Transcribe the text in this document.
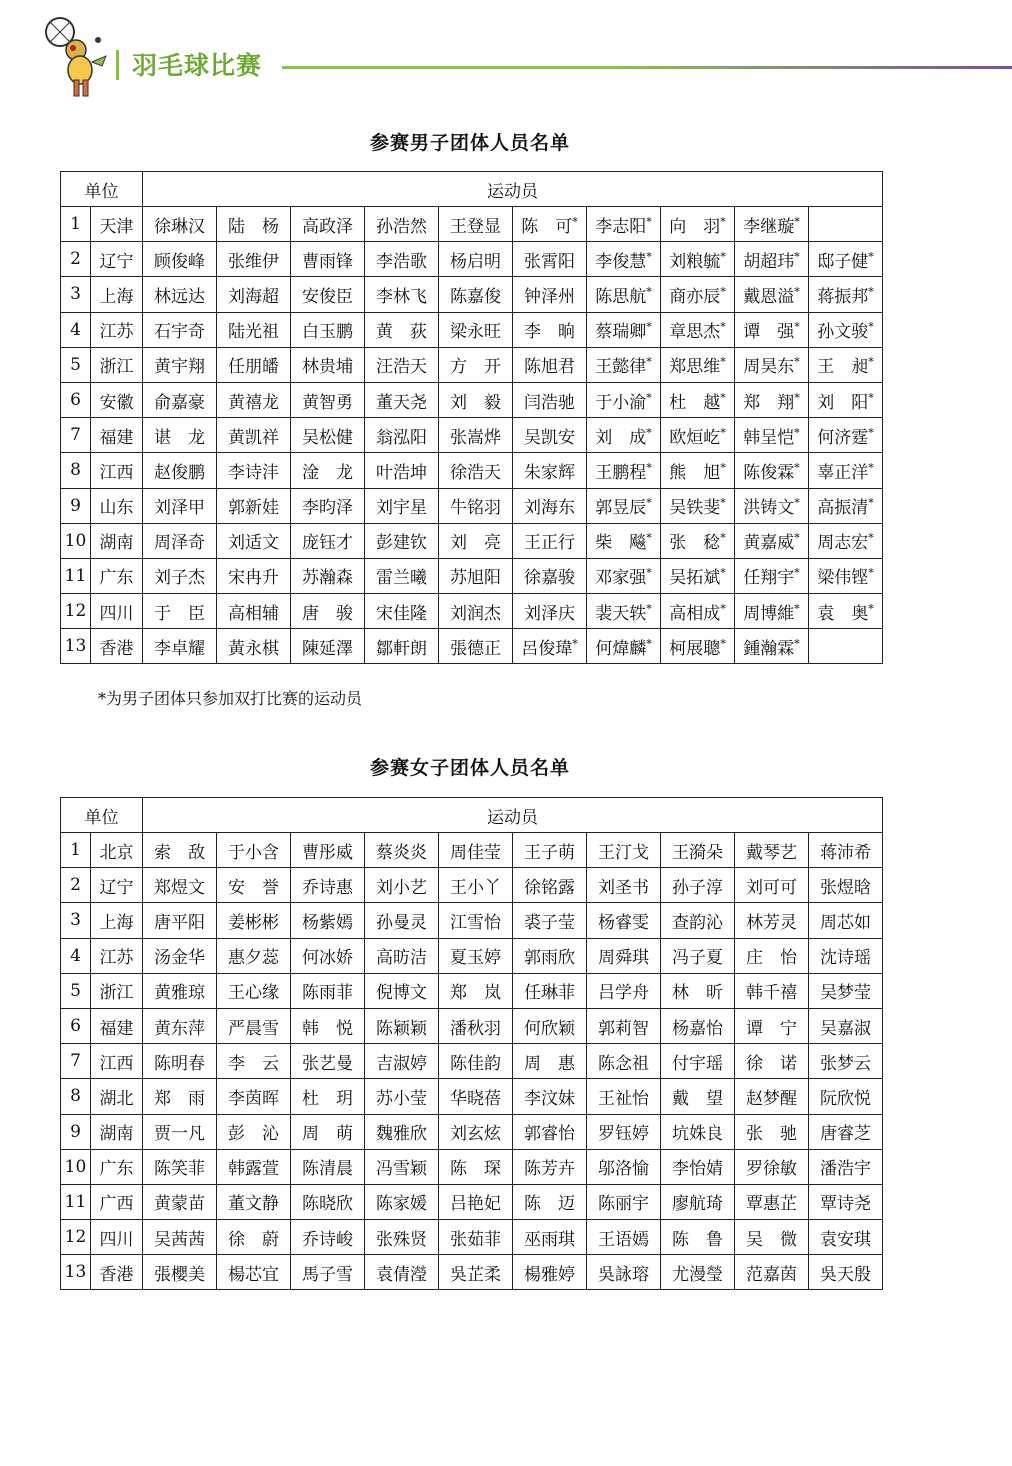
羽毛球比赛
参赛男子团体人员名单
单位		运动员									
1	天津	徐琳汉	陆　杨	高政泽	孙浩然	王登显	陈　可*	李志阳*	向　羽*	李继璇*	
2	辽宁	顾俊峰	张维伊	曹雨锋	李浩歌	杨启明	张霄阳	李俊慧*	刘粮毓*	胡超玮*	邸子健*
3	上海	林远达	刘海超	安俊臣	李林飞	陈嘉俊	钟泽州	陈思航*	商亦辰*	戴恩溢*	蒋振邦*
4	江苏	石宇奇	陆光祖	白玉鹏	黄　荻	梁永旺	李　晌	蔡瑞卿*	章思杰*	谭　强*	孙文骏*
5	浙江	黄宇翔	任朋皤	林贵埔	汪浩天	方　开	陈旭君	王懿律*	郑思维*	周昊东*	王　昶*
6	安徽	俞嘉豪	黄禧龙	黄智勇	董天尧	刘　毅	闫浩驰	于小渝*	杜　越*	郑　翔*	刘　阳*
7	福建	谌　龙	黄凯祥	吴松健	翁泓阳	张嵩烨	吴凯安	刘　成*	欧烜屹*	韩呈恺*	何济霆*
8	江西	赵俊鹏	李诗沣	淦　龙	叶浩坤	徐浩天	朱家辉	王鹏程*	熊　旭*	陈俊霖*	辜正洋*
9	山东	刘泽甲	郭新娃	李昀泽	刘宇星	牛铭羽	刘海东	郭昱辰*	吴铁斐*	洪铸文*	高振清*
10	湖南	周泽奇	刘适文	庞钰才	彭建钦	刘　亮	王正行	柴　飚*	张　稔*	黄嘉威*	周志宏*
11	广东	刘子杰	宋冉升	苏瀚森	雷兰曦	苏旭阳	徐嘉骏	邓家强*	吴拓斌*	任翔宇*	梁伟铿*
12	四川	于　臣	高相辅	唐　骏	宋佳隆	刘润杰	刘泽庆	裴天轶*	高相成*	周博維*	袁　奥*
13	香港	李卓耀	黃永棋	陳延澤	鄒軒朗	張德正	呂俊瑋*	何煒麟*	柯展聰*	鍾瀚霖*	
*为男子团体只参加双打比赛的运动员
参赛女子团体人员名单
单位		运动员									
1	北京	索　敌	于小含	曹彤威	蔡炎炎	周佳莹	王子萌	王汀戈	王漪朵	戴琴艺	蒋沛希
2	辽宁	郑煜文	安　誉	乔诗惠	刘小艺	王小丫	徐铭露	刘圣书	孙子淳	刘可可	张煜晗
3	上海	唐平阳	姜彬彬	杨紫嫣	孙曼灵	江雪怡	裘子莹	杨睿雯	查韵沁	林芳灵	周芯如
4	江苏	汤金华	惠夕蕊	何冰娇	高昉洁	夏玉婷	郭雨欣	周舜琪	冯子夏	庄　怡	沈诗瑶
5	浙江	黄雅琼	王心缘	陈雨菲	倪博文	郑　岚	任琳菲	吕学舟	林　昕	韩千禧	吴梦莹
6	福建	黄东萍	严晨雪	韩　悦	陈颖颖	潘秋羽	何欣颖	郭莉智	杨嘉怡	谭　宁	吴嘉淑
7	江西	陈明春	李　云	张艺曼	吉淑婷	陈佳韵	周　惠	陈念祖	付宇瑶	徐　诺	张梦云
8	湖北	郑　雨	李茵晖	杜　玥	苏小莹	华晓蓓	李汶妹	王祉怡	戴　望	赵梦醒	阮欣悦
9	湖南	贾一凡	彭　沁	周　萌	魏雅欣	刘玄炫	郭睿怡	罗钰婷	坑姝良	张　驰	唐睿芝
10	广东	陈笑菲	韩露萱	陈清晨	冯雪颖	陈　琛	陈芳卉	邬洛愉	李怡婧	罗徐敏	潘浩宇
11	广西	黄蒙苗	董文静	陈晓欣	陈家媛	吕艳妃	陈　迈	陈丽宇	廖航琦	覃惠芷	覃诗尧
12	四川	吴茜茜	徐　蔚	乔诗峻	张殊贤	张茹菲	巫雨琪	王语嫣	陈　鲁	吴　微	袁安琪
13	香港	張櫻美	楊芯宜	馬子雪	袁倩瀅	吳芷柔	楊雅婷	吳詠瑢	尤漫瑩	范嘉茵	吳天殷
